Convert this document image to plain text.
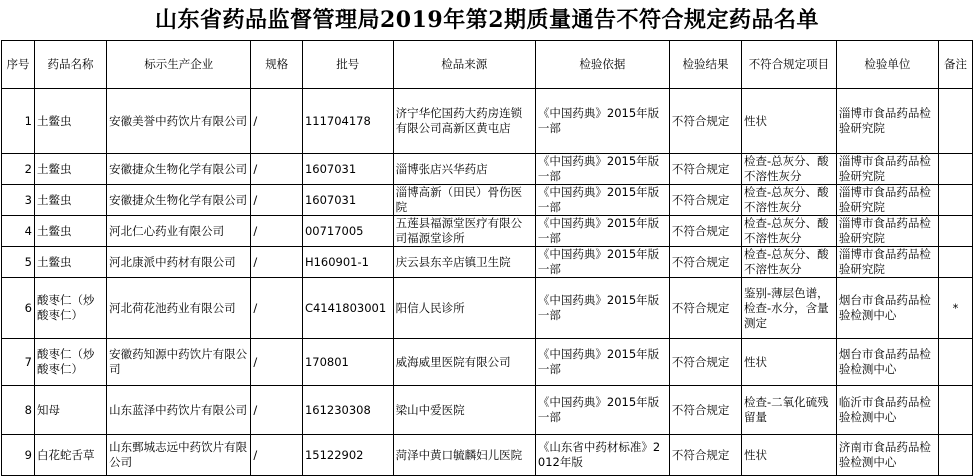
山东省药品监督管理局2019年第2期质量通告不符合规定药品名单
序号	药品名称	标示生产企业	规格	批号	检品来源	检验依据	检验结果	不符合规定项目	检验单位	备注
1	土鳖虫	安徽美誉中药饮片有限公司	/	111704178	济宁华佗国药大药房连锁有限公司高新区黄屯店	《中国药典》2015年版一部	不符合规定	性状	淄博市食品药品检验研究院	
2	土鳖虫	安徽捷众生物化学有限公司	/	1607031	淄博张店兴华药店	《中国药典》2015年版一部	不符合规定	检查-总灰分、酸不溶性灰分	淄博市食品药品检验研究院	
3	土鳖虫	安徽捷众生物化学有限公司	/	1607031	淄博高新（田民）骨伤医院	《中国药典》2015年版一部	不符合规定	检查-总灰分、酸不溶性灰分	淄博市食品药品检验研究院	
4	土鳖虫	河北仁心药业有限公司	/	00717005	五莲县福源堂医疗有限公司福源堂诊所	《中国药典》2015年版一部	不符合规定	检查-总灰分、酸不溶性灰分	淄博市食品药品检验研究院	
5	土鳖虫	河北康派中药材有限公司	/	H160901-1	庆云县东辛店镇卫生院	《中国药典》2015年版一部	不符合规定	检查-总灰分、酸不溶性灰分	淄博市食品药品检验研究院	
6	酸枣仁（炒酸枣仁）	河北荷花池药业有限公司	/	C4141803001	阳信人民诊所	《中国药典》2015年版一部	不符合规定	鉴别-薄层色谱，检查-水分，含量测定	烟台市食品药品检验检测中心	*
7	酸枣仁（炒酸枣仁）	安徽药知源中药饮片有限公司	/	170801	威海威里医院有限公司	《中国药典》2015年版一部	不符合规定	性状	烟台市食品药品检验检测中心	
8	知母	山东蓝泽中药饮片有限公司	/	161230308	梁山中爱医院	《中国药典》2015年版一部	不符合规定	检查-二氧化硫残留量	临沂市食品药品检验检测中心	
9	白花蛇舌草	山东鄄城志远中药饮片有限公司	/	15122902	菏泽中黄口毓麟妇儿医院	《山东省中药材标准》2012年版	不符合规定	性状	济南市食品药品检验检测中心	
